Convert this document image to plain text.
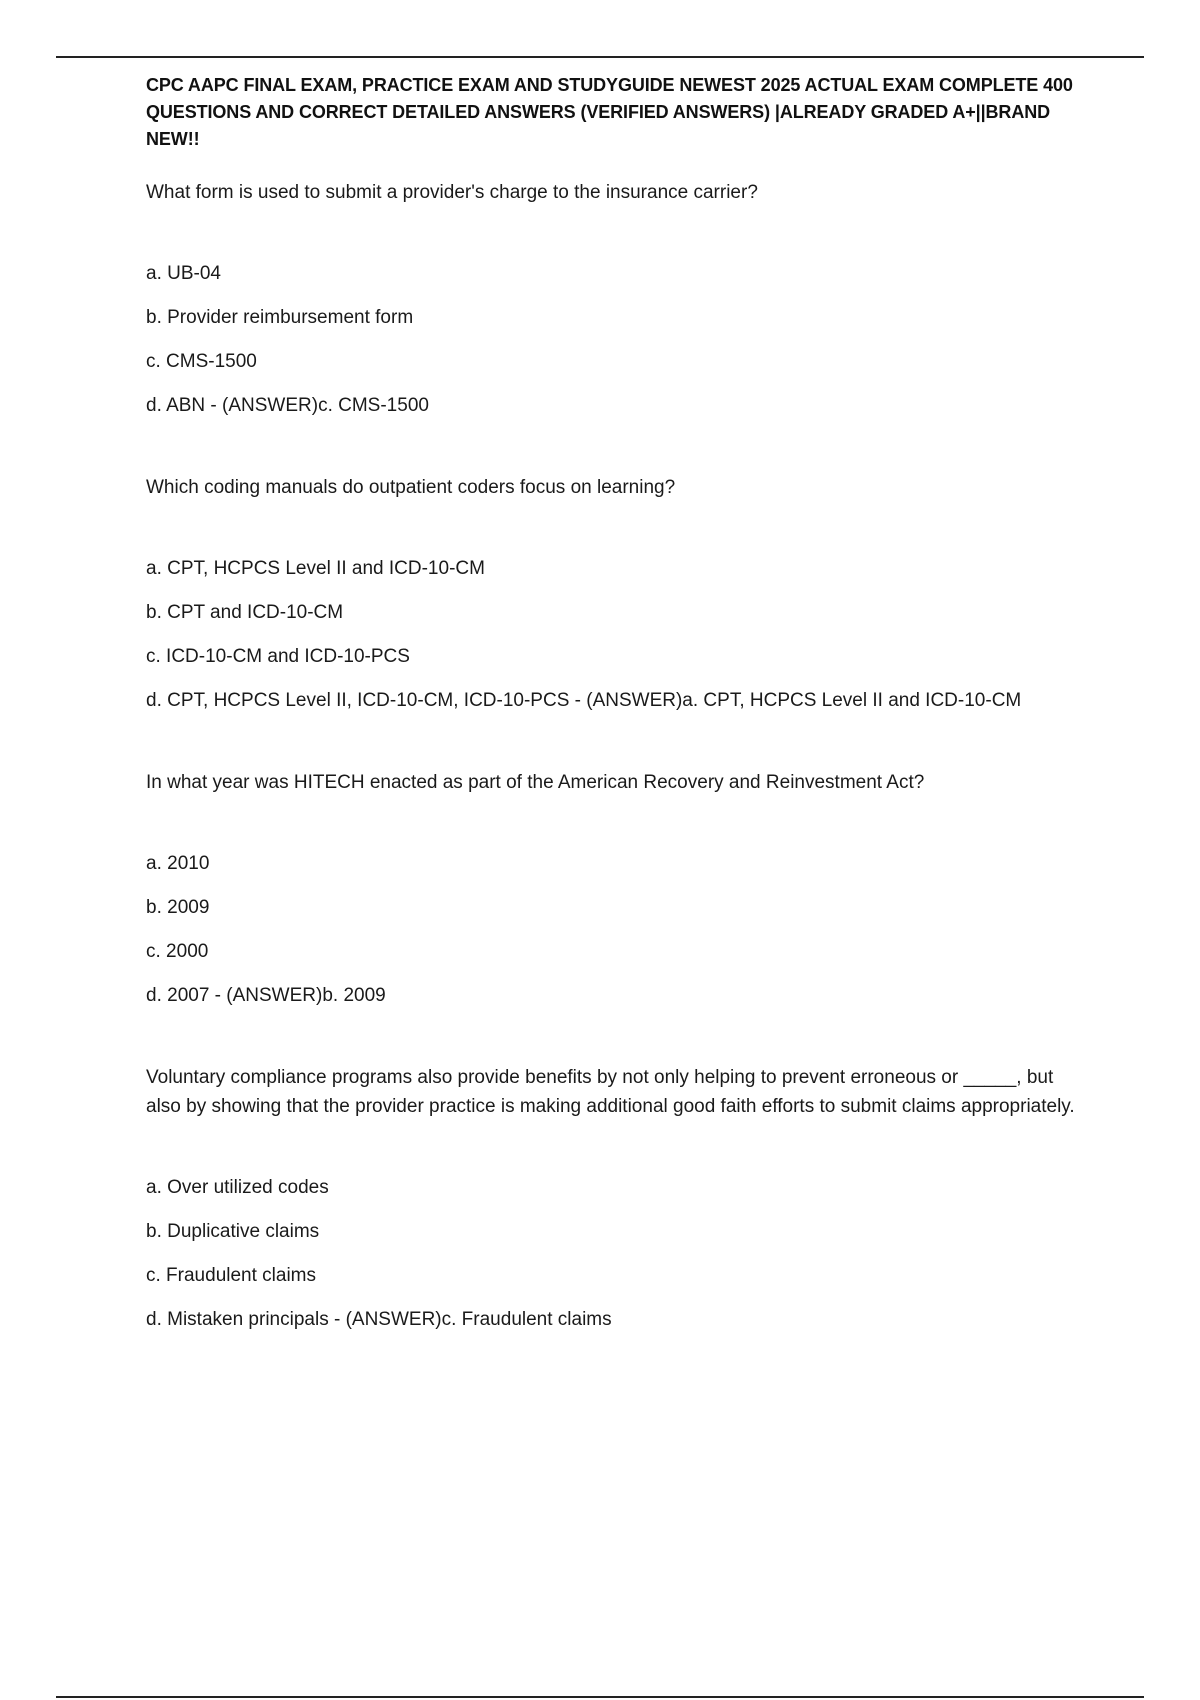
CPC AAPC FINAL EXAM, PRACTICE EXAM AND STUDYGUIDE NEWEST 2025 ACTUAL EXAM COMPLETE 400 QUESTIONS AND CORRECT DETAILED ANSWERS (VERIFIED ANSWERS) |ALREADY GRADED A+||BRAND NEW!!

What form is used to submit a provider's charge to the insurance carrier?

a. UB-04
b. Provider reimbursement form
c. CMS-1500
d. ABN - (ANSWER)c. CMS-1500

Which coding manuals do outpatient coders focus on learning?

a. CPT, HCPCS Level II and ICD-10-CM
b. CPT and ICD-10-CM
c. ICD-10-CM and ICD-10-PCS
d. CPT, HCPCS Level II, ICD-10-CM, ICD-10-PCS - (ANSWER)a. CPT, HCPCS Level II and ICD-10-CM

In what year was HITECH enacted as part of the American Recovery and Reinvestment Act?

a. 2010
b. 2009
c. 2000
d. 2007 - (ANSWER)b. 2009

Voluntary compliance programs also provide benefits by not only helping to prevent erroneous or _____, but also by showing that the provider practice is making additional good faith efforts to submit claims appropriately.

a. Over utilized codes
b. Duplicative claims
c. Fraudulent claims
d. Mistaken principals - (ANSWER)c. Fraudulent claims
